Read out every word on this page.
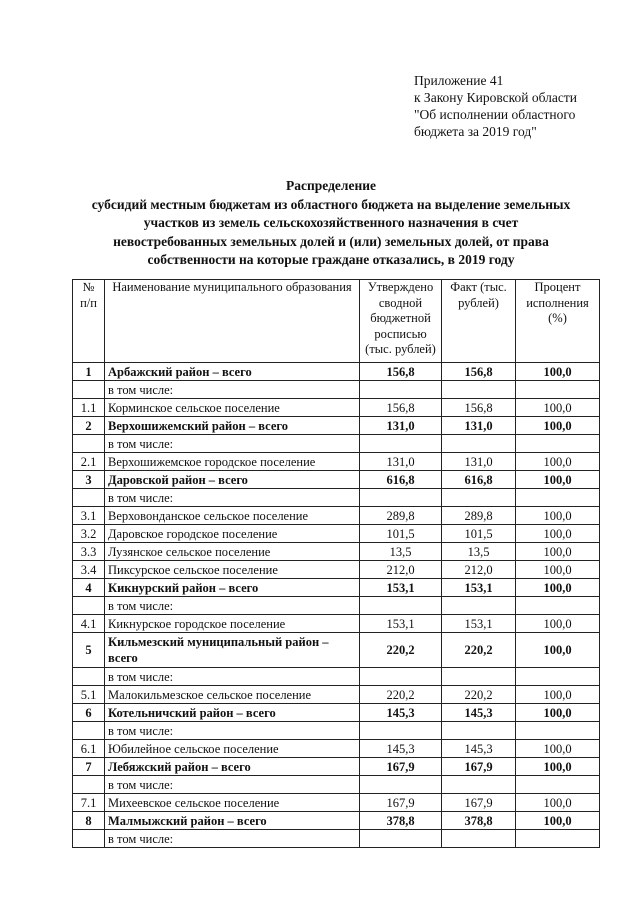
Приложение 41
к Закону Кировской области
"Об исполнении областного
бюджета за 2019 год"
Распределение
субсидий местным бюджетам из областного бюджета на выделение земельных
участков из земель сельскохозяйственного назначения в счет
невостребованных земельных долей и (или) земельных долей, от права
собственности на которые граждане отказались, в 2019 году
№ п/п	Наименование муниципального образования	Утверждено сводной бюджетной росписью (тыс. рублей)	Факт (тыс. рублей)	Процент исполнения (%)
1	Арбажский район – всего	156,8	156,8	100,0
	в том числе:			
1.1	Корминское сельское поселение	156,8	156,8	100,0
2	Верхошижемский район – всего	131,0	131,0	100,0
	в том числе:			
2.1	Верхошижемское городское поселение	131,0	131,0	100,0
3	Даровской район – всего	616,8	616,8	100,0
	в том числе:			
3.1	Верховонданское сельское поселение	289,8	289,8	100,0
3.2	Даровское городское поселение	101,5	101,5	100,0
3.3	Лузянское сельское поселение	13,5	13,5	100,0
3.4	Пиксурское сельское поселение	212,0	212,0	100,0
4	Кикнурский район – всего	153,1	153,1	100,0
	в том числе:			
4.1	Кикнурское городское поселение	153,1	153,1	100,0
5	Кильмезский муниципальный район – всего	220,2	220,2	100,0
	в том числе:			
5.1	Малокильмезское сельское поселение	220,2	220,2	100,0
6	Котельничский район – всего	145,3	145,3	100,0
	в том числе:			
6.1	Юбилейное сельское поселение	145,3	145,3	100,0
7	Лебяжский район – всего	167,9	167,9	100,0
	в том числе:			
7.1	Михеевское сельское поселение	167,9	167,9	100,0
8	Малмыжский район – всего	378,8	378,8	100,0
	в том числе:			
